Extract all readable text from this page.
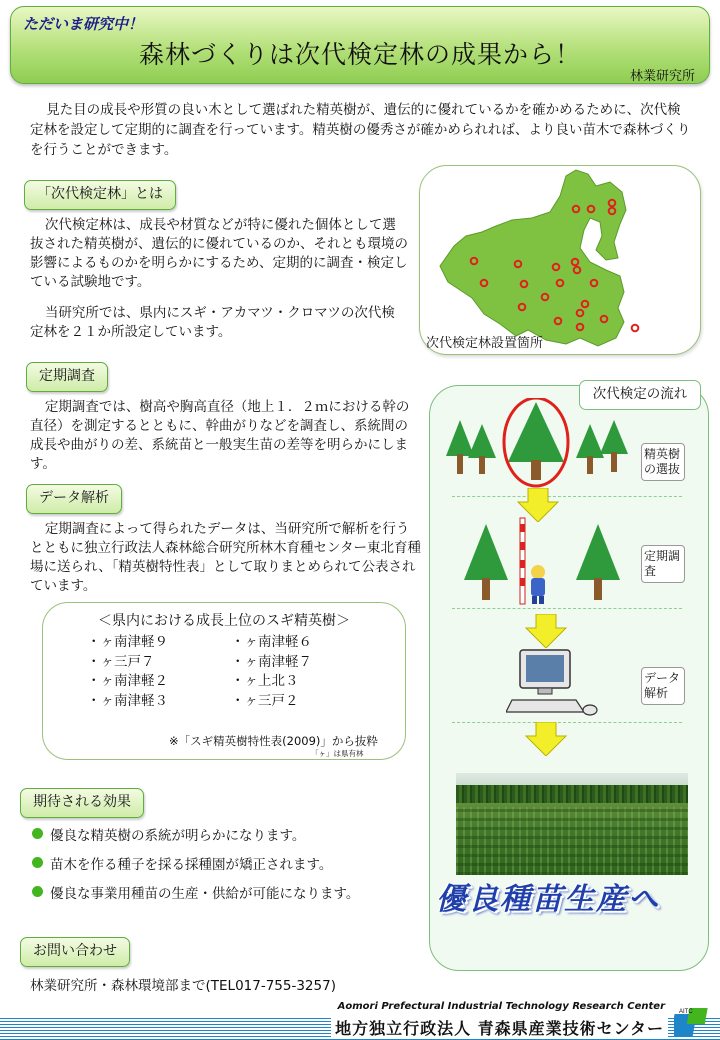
ただいま研究中！
森林づくりは次代検定林の成果から！
林業研究所

見た目の成長や形質の良い木として選ばれた精英樹が、遺伝的に優れているかを確かめるために、次代検定林を設定して定期的に調査を行っています。精英樹の優秀さが確かめられれば、より良い苗木で森林づくりを行うことができます。

「次代検定林」とは

次代検定林は、成長や材質などが特に優れた個体として選抜された精英樹が、遺伝的に優れているのか、それとも環境の影響によるものかを明らかにするため、定期的に調査・検定している試験地です。

当研究所では、県内にスギ・アカマツ・クロマツの次代検定林を２１か所設定しています。

次代検定林設置箇所
定期調査

定期調査では、樹高や胸高直径（地上１．２ｍにおける幹の直径）を測定するとともに、幹曲がりなどを調査し、系統間の成長や曲がりの差、系統苗と一般実生苗の差等を明らかにします。

データ解析

定期調査によって得られたデータは、当研究所で解析を行うとともに独立行政法人森林総合研究所林木育種センター東北育種場に送られ、「精英樹特性表」として取りまとめられて公表されています。

＜県内における成長上位のスギ精英樹＞
・ ヶ南津軽９
・ ヶ三戸７
・ ヶ南津軽２
・ ヶ南津軽３
・ ヶ南津軽６
・ ヶ南津軽７
・ ヶ上北３
・ ヶ三戸２
※「スギ精英樹特性表(2009)」から抜粋
「ヶ」は県有林
期待される効果
優良な精英樹の系統が明らかになります。
苗木を作る種子を採る採種園が矯正されます。
優良な事業用種苗の生産・供給が可能になります。
お問い合わせ
林業研究所・森林環境部まで(TEL017-755-3257)
次代検定の流れ
精英樹の選抜
定期調査
データ解析
優良種苗生産へ
Aomori Prefectural Industrial Technology Research Center
地方独立行政法人 青森県産業技術センター
AITC
